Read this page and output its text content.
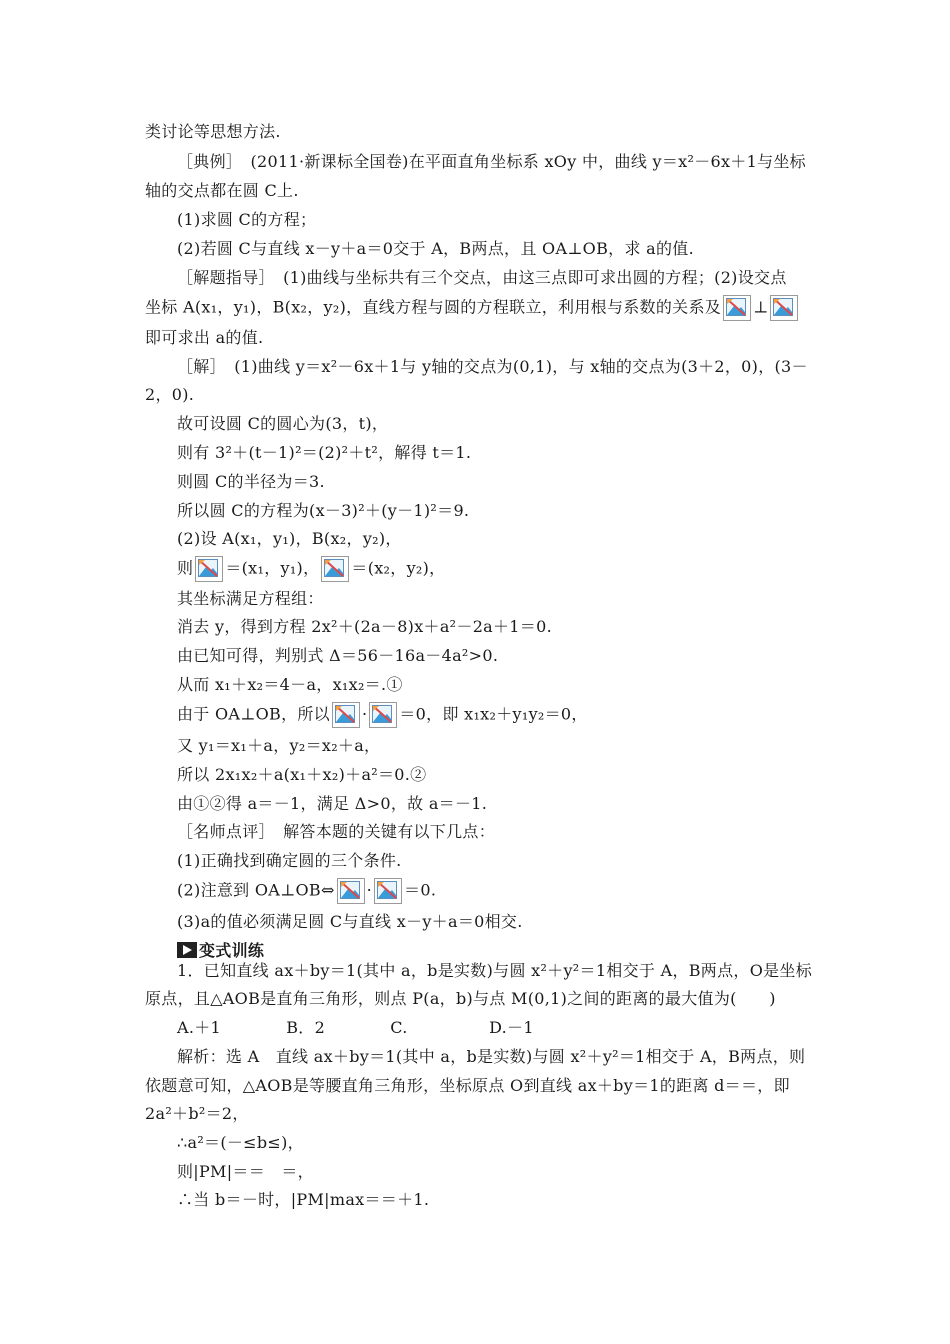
类讨论等思想方法.
［典例］　(2011·新课标全国卷)在平面直角坐标系 xOy 中，曲线 y＝x²－6x＋1与坐标
轴的交点都在圆 C上.
(1)求圆 C的方程；
(2)若圆 C与直线 x－y＋a＝0交于 A，B两点，且 OA⊥OB，求 a的值.
［解题指导］　(1)曲线与坐标共有三个交点，由这三点即可求出圆的方程；(2)设交点
坐标 A(x₁，y₁)，B(x₂，y₂)，直线方程与圆的方程联立，利用根与系数的关系及 ⊥
即可求出 a的值.
［解］　(1)曲线 y＝x²－6x＋1与 y轴的交点为(0,1)，与 x轴的交点为(3＋2，0)，(3－
2，0).
故可设圆 C的圆心为(3，t)，
则有 3²＋(t－1)²＝(2)²＋t²，解得 t＝1.
则圆 C的半径为＝3.
所以圆 C的方程为(x－3)²＋(y－1)²＝9.
(2)设 A(x₁，y₁)，B(x₂，y₂)，
则 ＝(x₁，y₁)， ＝(x₂，y₂)，
其坐标满足方程组：
消去 y，得到方程 2x²＋(2a－8)x＋a²－2a＋1＝0.
由已知可得，判别式 Δ＝56－16a－4a²>0.
从而 x₁＋x₂＝4－a，x₁x₂＝.①
由于 OA⊥OB，所以 · ＝0，即 x₁x₂＋y₁y₂＝0，
又 y₁＝x₁＋a，y₂＝x₂＋a，
所以 2x₁x₂＋a(x₁＋x₂)＋a²＝0.②
由①②得 a＝－1，满足 Δ>0，故 a＝－1.
［名师点评］　解答本题的关键有以下几点：
(1)正确找到确定圆的三个条件.
(2)注意到 OA⊥OB⇔ · ＝0.
(3)a的值必须满足圆 C与直线 x－y＋a＝0相交.
变式训练
1．已知直线 ax＋by＝1(其中 a，b是实数)与圆 x²＋y²＝1相交于 A，B两点，O是坐标
原点，且△AOB是直角三角形，则点 P(a，b)与点 M(0,1)之间的距离的最大值为(　　)
A.＋1　　　　B．2　　　　C.　　　　　D.－1
解析：选 A　直线 ax＋by＝1(其中 a，b是实数)与圆 x²＋y²＝1相交于 A，B两点，则
依题意可知，△AOB是等腰直角三角形，坐标原点 O到直线 ax＋by＝1的距离 d＝＝，即
2a²＋b²＝2，
∴a²＝(－≤b≤)，
则|PM|＝＝　＝，
∴当 b＝－时，|PM|max＝＝＋1.
